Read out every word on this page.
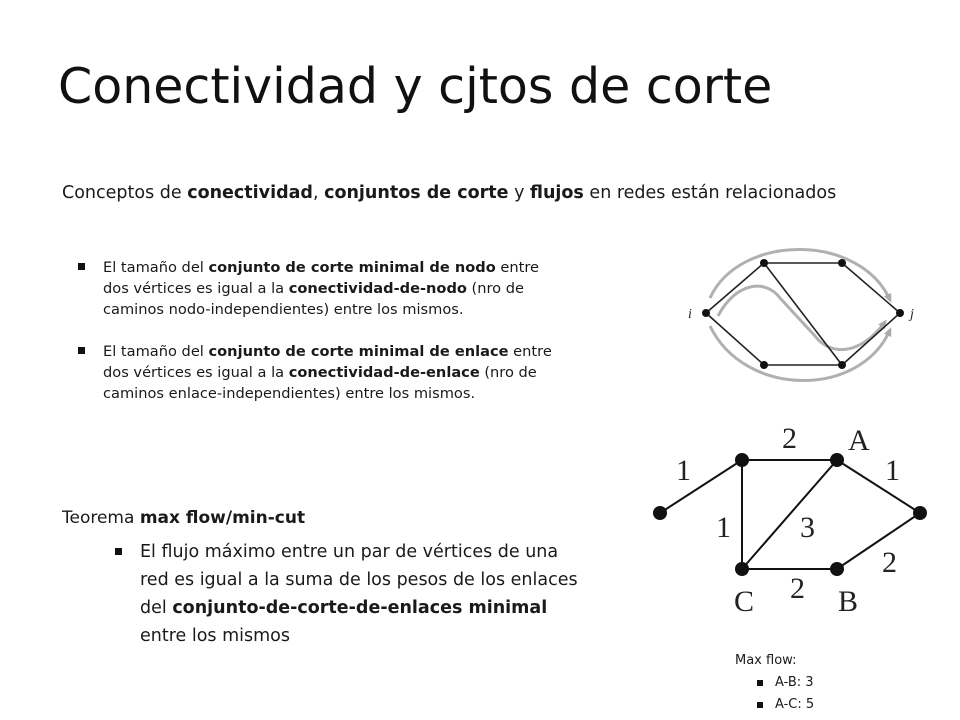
Conectividad y cjtos de corte
Conceptos de conectividad, conjuntos de corte y flujos en redes están relacionados
El tamaño del conjunto de corte minimal de nodo entre dos vértices es igual a la conectividad-de-nodo (nro de caminos nodo-independientes) entre los mismos.
El tamaño del conjunto de corte minimal de enlace entre dos vértices es igual a la conectividad-de-enlace (nro de caminos enlace-independientes) entre los mismos.
Teorema max flow/min-cut
El flujo máximo entre un par de vértices de una red es igual a la suma de los pesos de los enlaces del conjunto-de-corte-de-enlaces minimal entre los mismos
i	j
2
1	1
1 3
2
2
A
C	B
Max flow:
A-B: 3
A-C: 5
